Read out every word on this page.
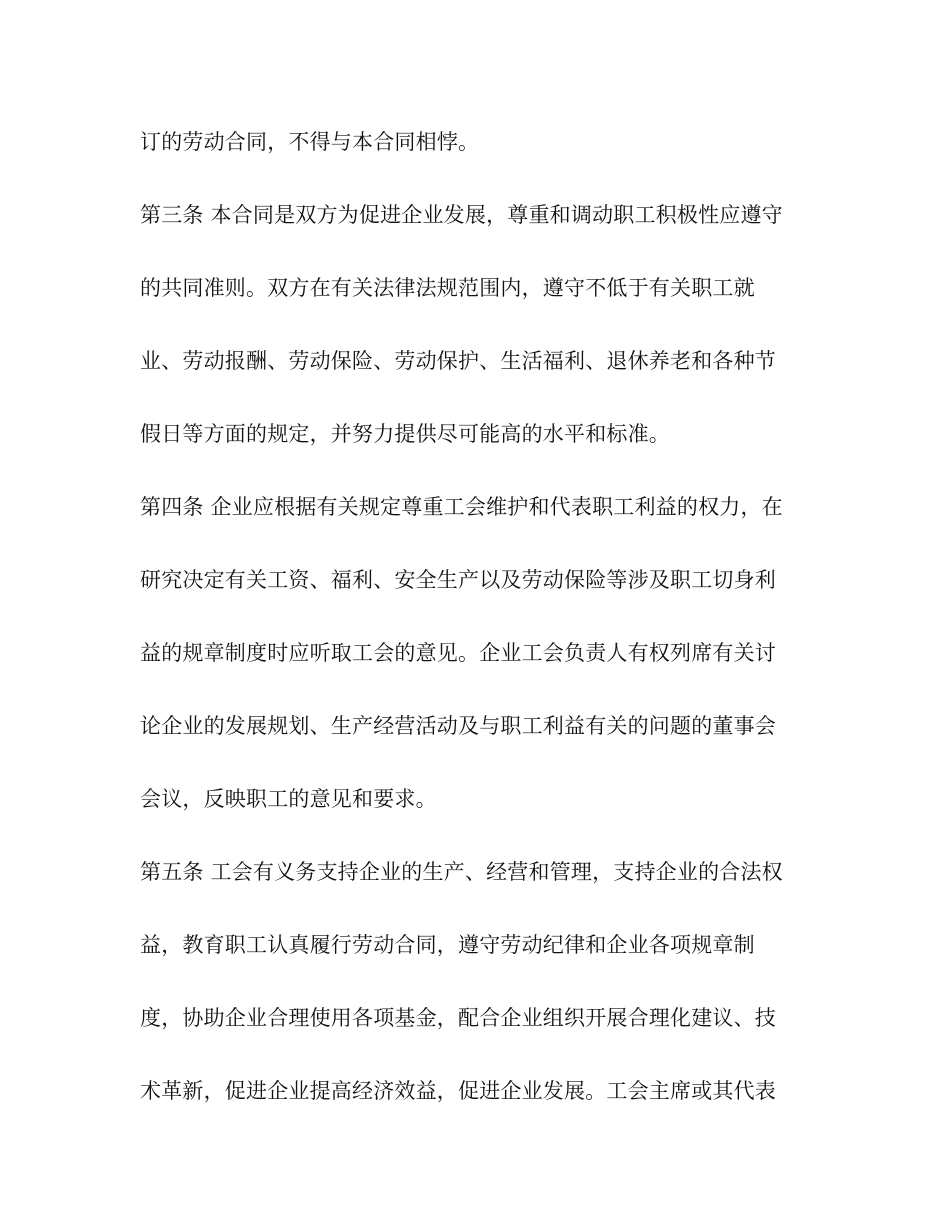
订的劳动合同，不得与本合同相悖。
第三条 本合同是双方为促进企业发展，尊重和调动职工积极性应遵守
的共同准则。双方在有关法律法规范围内，遵守不低于有关职工就
业、劳动报酬、劳动保险、劳动保护、生活福利、退休养老和各种节
假日等方面的规定，并努力提供尽可能高的水平和标准。
第四条 企业应根据有关规定尊重工会维护和代表职工利益的权力，在
研究决定有关工资、福利、安全生产以及劳动保险等涉及职工切身利
益的规章制度时应听取工会的意见。企业工会负责人有权列席有关讨
论企业的发展规划、生产经营活动及与职工利益有关的问题的董事会
会议，反映职工的意见和要求。
第五条 工会有义务支持企业的生产、经营和管理，支持企业的合法权
益，教育职工认真履行劳动合同，遵守劳动纪律和企业各项规章制
度，协助企业合理使用各项基金，配合企业组织开展合理化建议、技
术革新，促进企业提高经济效益，促进企业发展。工会主席或其代表
